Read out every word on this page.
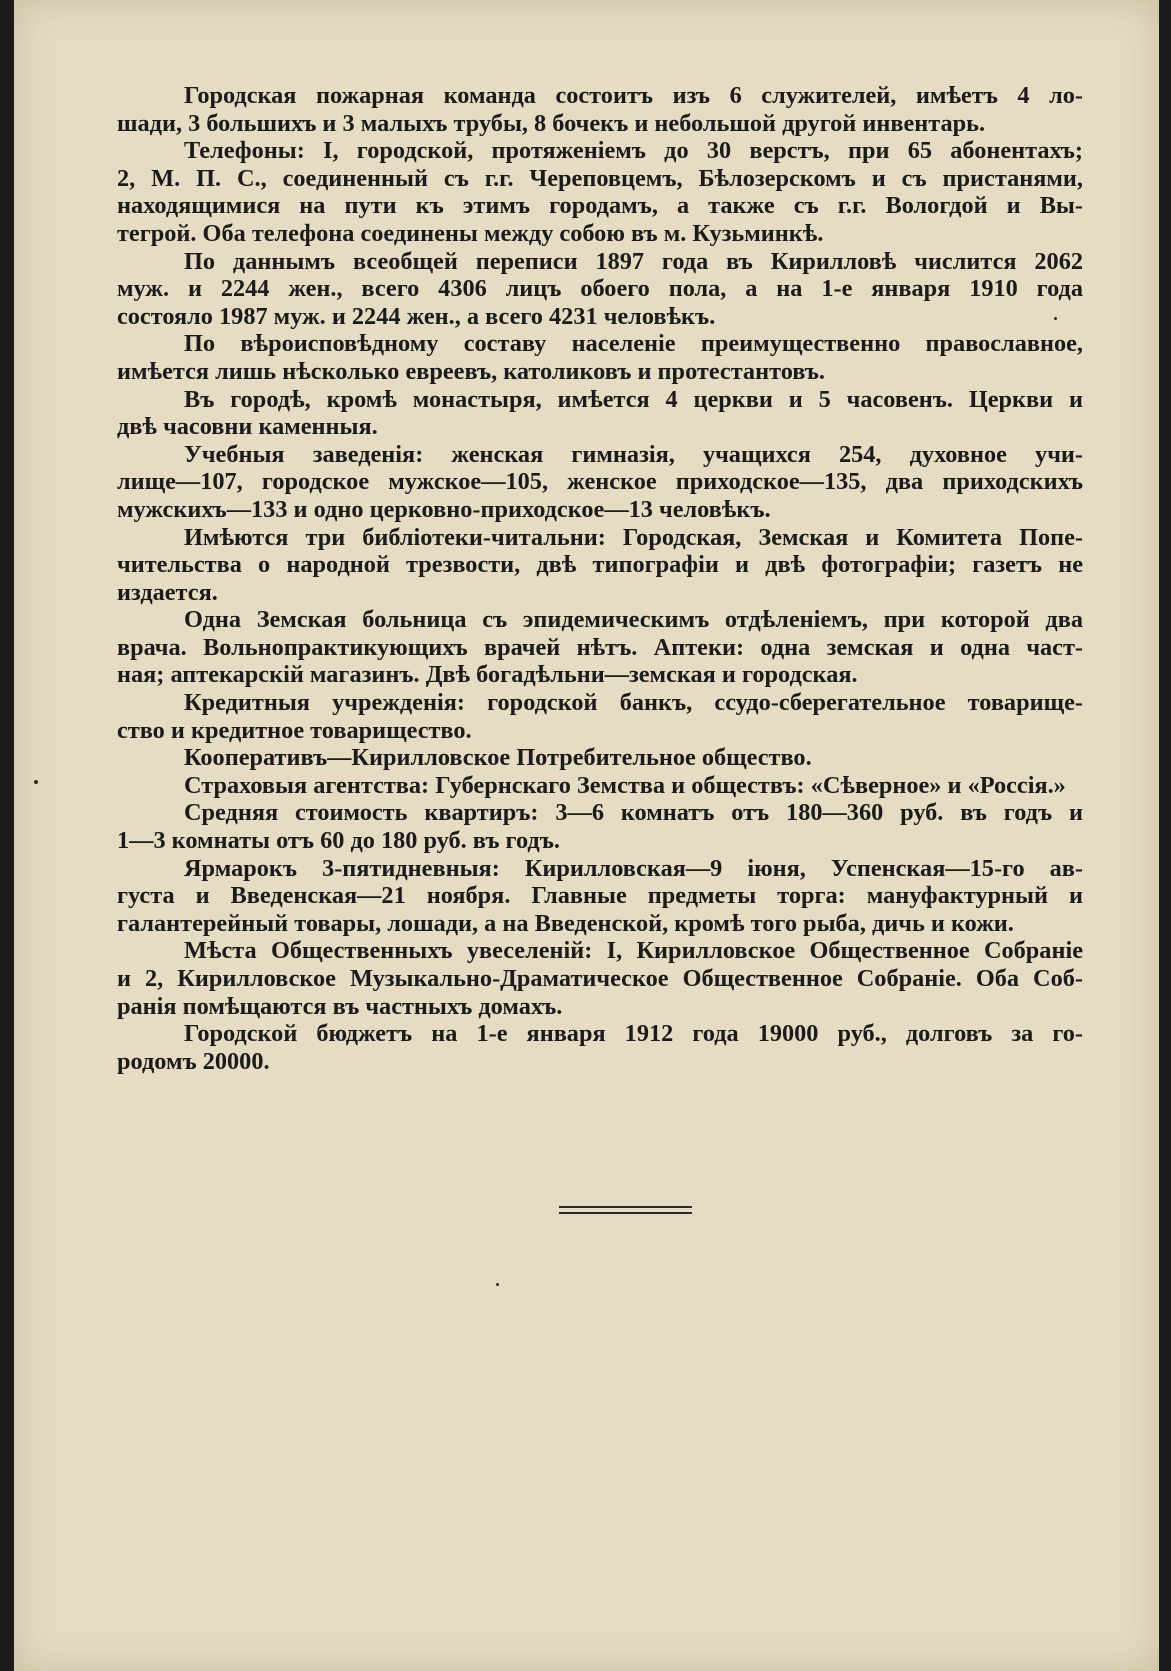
Городская пожарная команда состоитъ изъ 6 служителей, имѣетъ 4 ло-
шади, 3 большихъ и 3 малыхъ трубы, 8 бочекъ и небольшой другой инвентарь.
Телефоны: I, городской, протяженіемъ до 30 верстъ, при 65 абонентахъ;
2, М. П. С., соединенный съ г.г. Череповцемъ, Бѣлозерскомъ и съ пристанями,
находящимися на пути къ этимъ городамъ, а также съ г.г. Вологдой и Вы-
тегрой. Оба телефона соединены между собою въ м. Кузьминкѣ.
По даннымъ всеобщей переписи 1897 года въ Кирилловѣ числится 2062
муж. и 2244 жен., всего 4306 лицъ обоего пола, а на 1-е января 1910 года
состояло 1987 муж. и 2244 жен., а всего 4231 человѣкъ.
По вѣроисповѣдному составу населеніе преимущественно православное,
имѣется лишь нѣсколько евреевъ, католиковъ и протестантовъ.
Въ городѣ, кромѣ монастыря, имѣется 4 церкви и 5 часовенъ. Церкви и
двѣ часовни каменныя.
Учебныя заведенія: женская гимназія, учащихся 254, духовное учи-
лище—107, городское мужское—105, женское приходское—135, два приходскихъ
мужскихъ—133 и одно церковно-приходское—13 человѣкъ.
Имѣются три библіотеки-читальни: Городская, Земская и Комитета Попе-
чительства о народной трезвости, двѣ типографіи и двѣ фотографіи; газетъ не
издается.
Одна Земская больница съ эпидемическимъ отдѣленіемъ, при которой два
врача. Вольнопрактикующихъ врачей нѣтъ. Аптеки: одна земская и одна част-
ная; аптекарскій магазинъ. Двѣ богадѣльни—земская и городская.
Кредитныя учрежденія: городской банкъ, ссудо-сберегательное товарище-
ство и кредитное товарищество.
Кооперативъ—Кирилловское Потребительное общество.
Страховыя агентства: Губернскаго Земства и обществъ: «Сѣверное» и «Россія.»
Средняя стоимость квартиръ: 3—6 комнатъ отъ 180—360 руб. въ годъ и
1—3 комнаты отъ 60 до 180 руб. въ годъ.
Ярмарокъ 3-пятидневныя: Кирилловская—9 іюня, Успенская—15-го ав-
густа и Введенская—21 ноября. Главные предметы торга: мануфактурный и
галантерейный товары, лошади, а на Введенской, кромѣ того рыба, дичь и кожи.
Мѣста Общественныхъ увеселеній: I, Кирилловское Общественное Собраніе
и 2, Кирилловское Музыкально-Драматическое Общественное Собраніе. Оба Соб-
ранія помѣщаются въ частныхъ домахъ.
Городской бюджетъ на 1-е января 1912 года 19000 руб., долговъ за го-
родомъ 20000.
